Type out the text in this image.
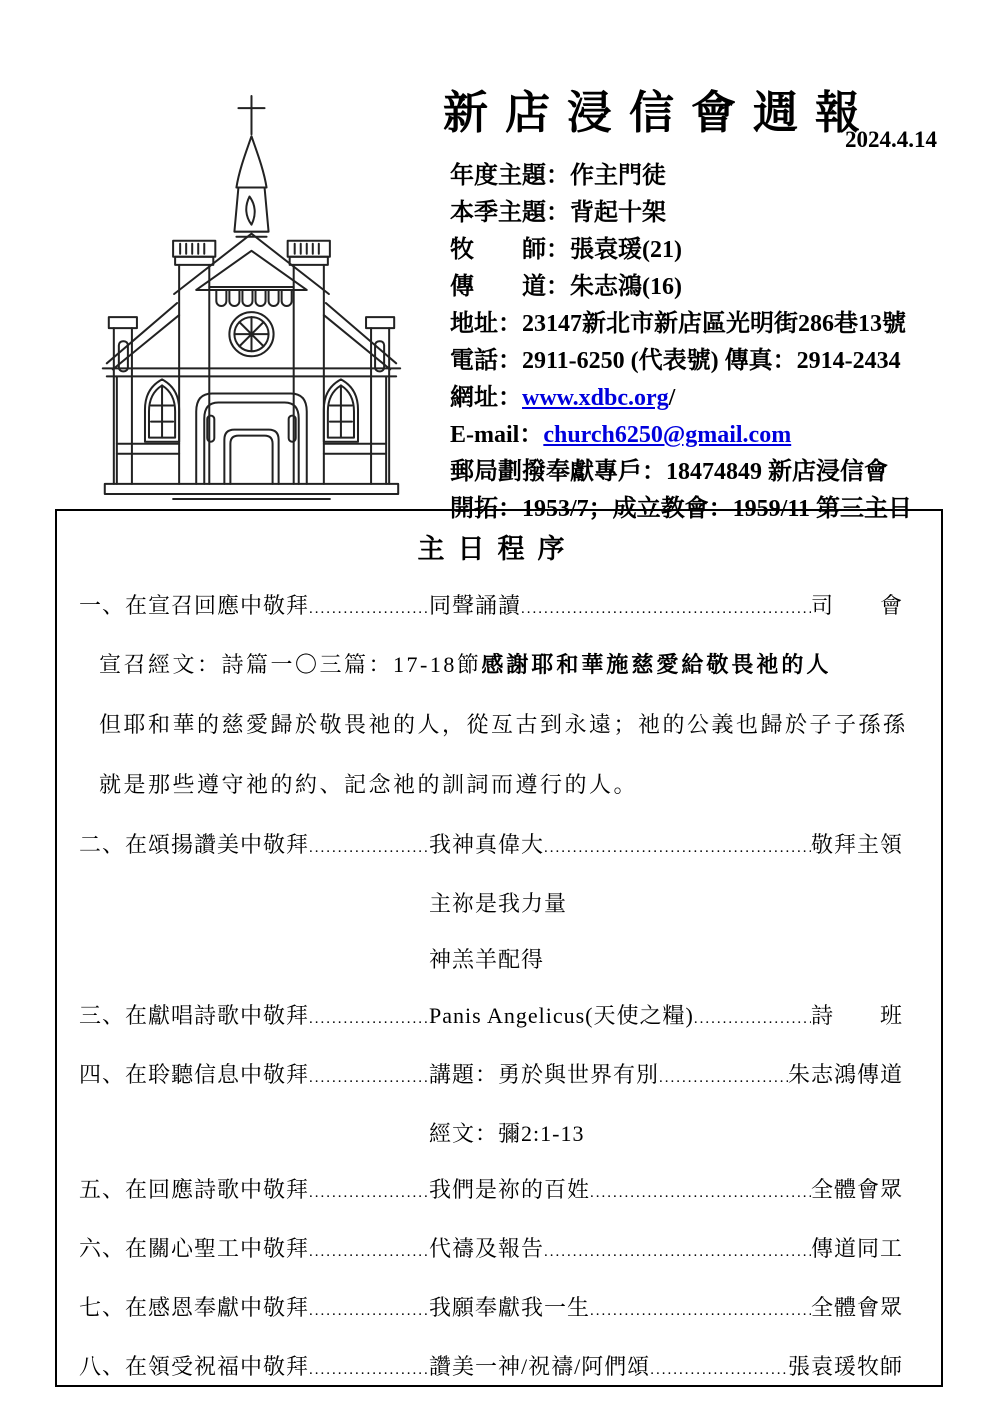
新店浸信會週報
2024.4.14
年度主題：作主門徒
本季主題：背起十架
牧　　師：張袁瑗(21)
傳　　道：朱志鴻(16)
地址：23147新北市新店區光明街286巷13號
電話：2911-6250 (代表號) 傳真：2914-2434
網址：www.xdbc.org/
E-mail：church6250@gmail.com
郵局劃撥奉獻專戶：18474849 新店浸信會
開拓：1953/7；成立教會：1959/11 第三主日
主日程序
一、在宣召回應中敬拜 .....	同聲誦讀 .....	司　　會
宣召經文：詩篇一〇三篇：17-18節感謝耶和華施慈愛給敬畏祂的人
但耶和華的慈愛歸於敬畏祂的人，從亙古到永遠；祂的公義也歸於子子孫孫
就是那些遵守祂的約、記念祂的訓詞而遵行的人。
二、在頌揚讚美中敬拜 .....	我神真偉大 .....	敬拜主領
主祢是我力量
神羔羊配得
三、在獻唱詩歌中敬拜 .....	Panis Angelicus(天使之糧) .....	詩　　班
四、在聆聽信息中敬拜 .....	講題：勇於與世界有別 .....	朱志鴻傳道
經文：彌2:1-13
五、在回應詩歌中敬拜 .....	我們是祢的百姓 .....	全體會眾
六、在關心聖工中敬拜 .....	代禱及報告 .....	傳道同工
七、在感恩奉獻中敬拜 .....	我願奉獻我一生 .....	全體會眾
八、在領受祝福中敬拜 .....	讚美一神/祝禱/阿們頌 .....	張袁瑗牧師
